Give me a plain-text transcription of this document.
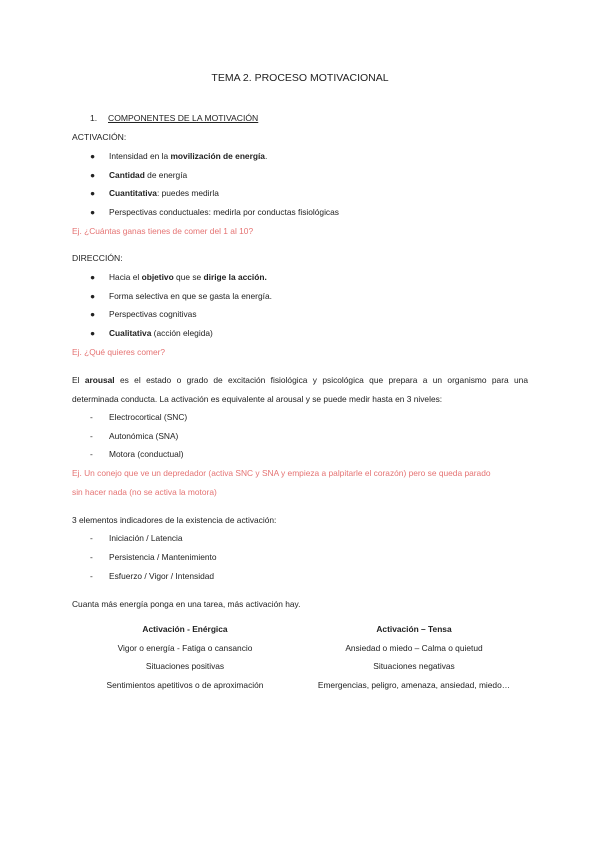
TEMA 2. PROCESO MOTIVACIONAL
1. COMPONENTES DE LA MOTIVACIÓN
ACTIVACIÓN:
● Intensidad en la movilización de energía.
● Cantidad de energía
● Cuantitativa: puedes medirla
● Perspectivas conductuales: medirla por conductas fisiológicas
Ej. ¿Cuántas ganas tienes de comer del 1 al 10?
DIRECCIÓN:
● Hacia el objetivo que se dirige la acción.
● Forma selectiva en que se gasta la energía.
● Perspectivas cognitivas
● Cualitativa (acción elegida)
Ej. ¿Qué quieres comer?
El arousal es el estado o grado de excitación fisiológica y psicológica que prepara a un organismo para una
determinada conducta. La activación es equivalente al arousal y se puede medir hasta en 3 niveles:
- Electrocortical (SNC)
- Autonómica (SNA)
- Motora (conductual)
Ej. Un conejo que ve un depredador (activa SNC y SNA y empieza a palpitarle el corazón) pero se queda parado
sin hacer nada (no se activa la motora)
3 elementos indicadores de la existencia de activación:
- Iniciación / Latencia
- Persistencia / Mantenimiento
- Esfuerzo / Vigor / Intensidad
Cuanta más energía ponga en una tarea, más activación hay.
Activación - Enérgica	Activación – Tensa
Vigor o energía - Fatiga o cansancio	Ansiedad o miedo – Calma o quietud
Situaciones positivas	Situaciones negativas
Sentimientos apetitivos o de aproximación	Emergencias, peligro, amenaza, ansiedad, miedo…
